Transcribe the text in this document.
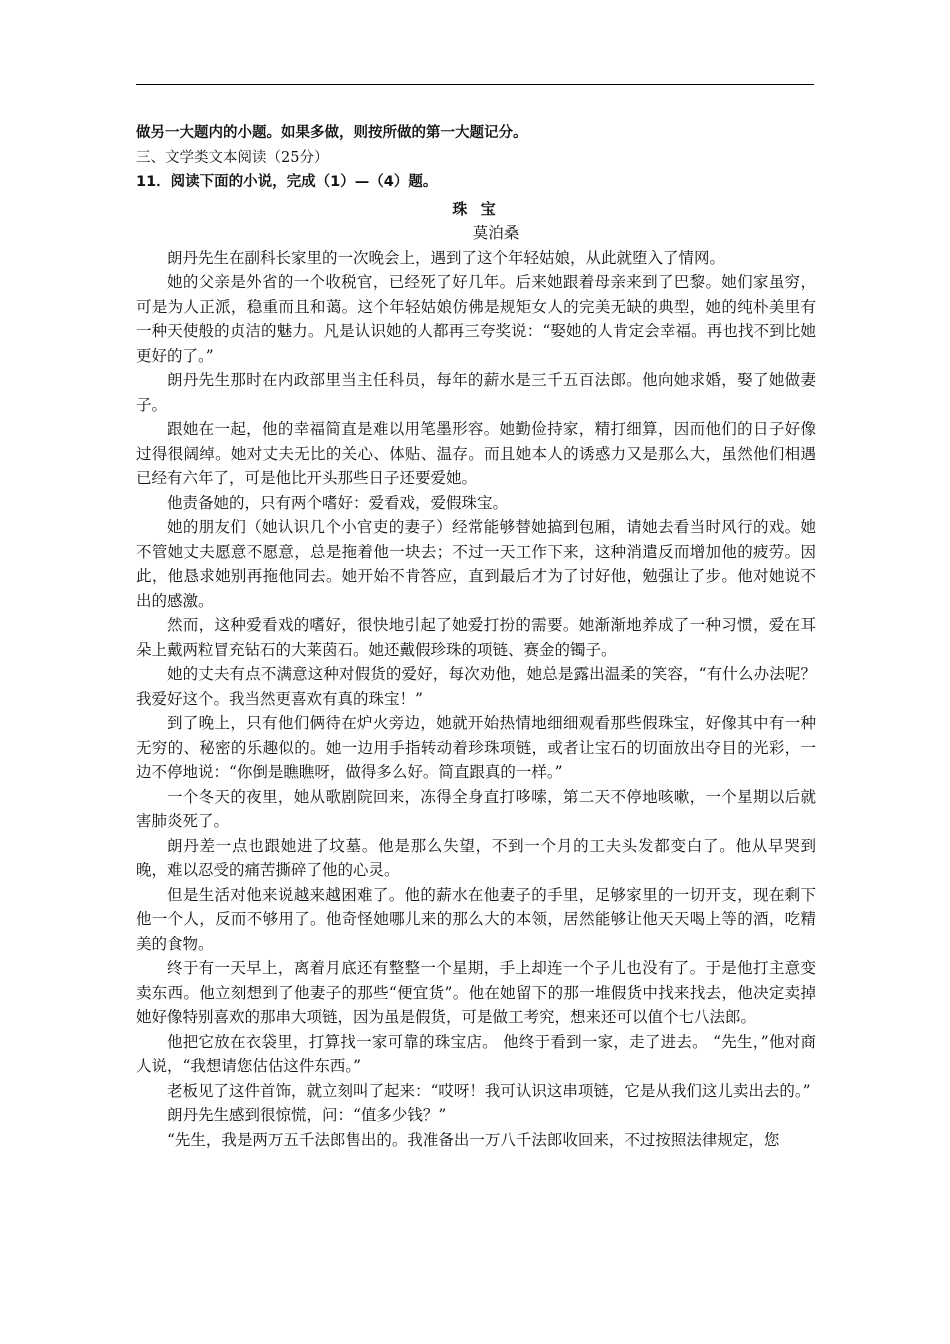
做另一大题内的小题。如果多做，则按所做的第一大题记分。

三、文学类文本阅读（25分）

11．阅读下面的小说，完成（1）—（4）题。

珠 宝

莫泊桑

朗丹先生在副科长家里的一次晚会上，遇到了这个年轻姑娘，从此就堕入了情网。

她的父亲是外省的一个收税官，已经死了好几年。后来她跟着母亲来到了巴黎。她们家虽穷，可是为人正派，稳重而且和蔼。这个年轻姑娘仿佛是规矩女人的完美无缺的典型，她的纯朴美里有一种天使般的贞洁的魅力。凡是认识她的人都再三夸奖说：“娶她的人肯定会幸福。再也找不到比她更好的了。”

朗丹先生那时在内政部里当主任科员，每年的薪水是三千五百法郎。他向她求婚，娶了她做妻子。

跟她在一起，他的幸福简直是难以用笔墨形容。她勤俭持家，精打细算，因而他们的日子好像过得很阔绰。她对丈夫无比的关心、体贴、温存。而且她本人的诱惑力又是那么大，虽然他们相遇已经有六年了，可是他比开头那些日子还要爱她。

他责备她的，只有两个嗜好：爱看戏，爱假珠宝。

她的朋友们（她认识几个小官吏的妻子）经常能够替她搞到包厢，请她去看当时风行的戏。她不管她丈夫愿意不愿意，总是拖着他一块去；不过一天工作下来，这种消遣反而增加他的疲劳。因此，他恳求她别再拖他同去。她开始不肯答应，直到最后才为了讨好他，勉强让了步。他对她说不出的感激。

然而，这种爱看戏的嗜好，很快地引起了她爱打扮的需要。她渐渐地养成了一种习惯，爱在耳朵上戴两粒冒充钻石的大莱茵石。她还戴假珍珠的项链、赛金的镯子。

她的丈夫有点不满意这种对假货的爱好，每次劝他，她总是露出温柔的笑容，“有什么办法呢？我爱好这个。我当然更喜欢有真的珠宝！”

到了晚上，只有他们俩待在炉火旁边，她就开始热情地细细观看那些假珠宝，好像其中有一种无穷的、秘密的乐趣似的。她一边用手指转动着珍珠项链，或者让宝石的切面放出夺目的光彩，一边不停地说：“你倒是瞧瞧呀，做得多么好。简直跟真的一样。”

一个冬天的夜里，她从歌剧院回来，冻得全身直打哆嗦，第二天不停地咳嗽，一个星期以后就害肺炎死了。

朗丹差一点也跟她进了坟墓。他是那么失望，不到一个月的工夫头发都变白了。他从早哭到晚，难以忍受的痛苦撕碎了他的心灵。

但是生活对他来说越来越困难了。他的薪水在他妻子的手里，足够家里的一切开支，现在剩下他一个人，反而不够用了。他奇怪她哪儿来的那么大的本领，居然能够让他天天喝上等的酒，吃精美的食物。

终于有一天早上，离着月底还有整整一个星期，手上却连一个子儿也没有了。于是他打主意变卖东西。他立刻想到了他妻子的那些“便宜货”。他在她留下的那一堆假货中找来找去，他决定卖掉她好像特别喜欢的那串大项链，因为虽是假货，可是做工考究，想来还可以值个七八法郎。

他把它放在衣袋里，打算找一家可靠的珠宝店。 他终于看到一家，走了进去。 “先生，”他对商人说，“我想请您估估这件东西。”

老板见了这件首饰，就立刻叫了起来：“哎呀！我可认识这串项链，它是从我们这儿卖出去的。”

朗丹先生感到很惊慌，问：“值多少钱？”

“先生，我是两万五千法郎售出的。我准备出一万八千法郎收回来，不过按照法律规定，您
